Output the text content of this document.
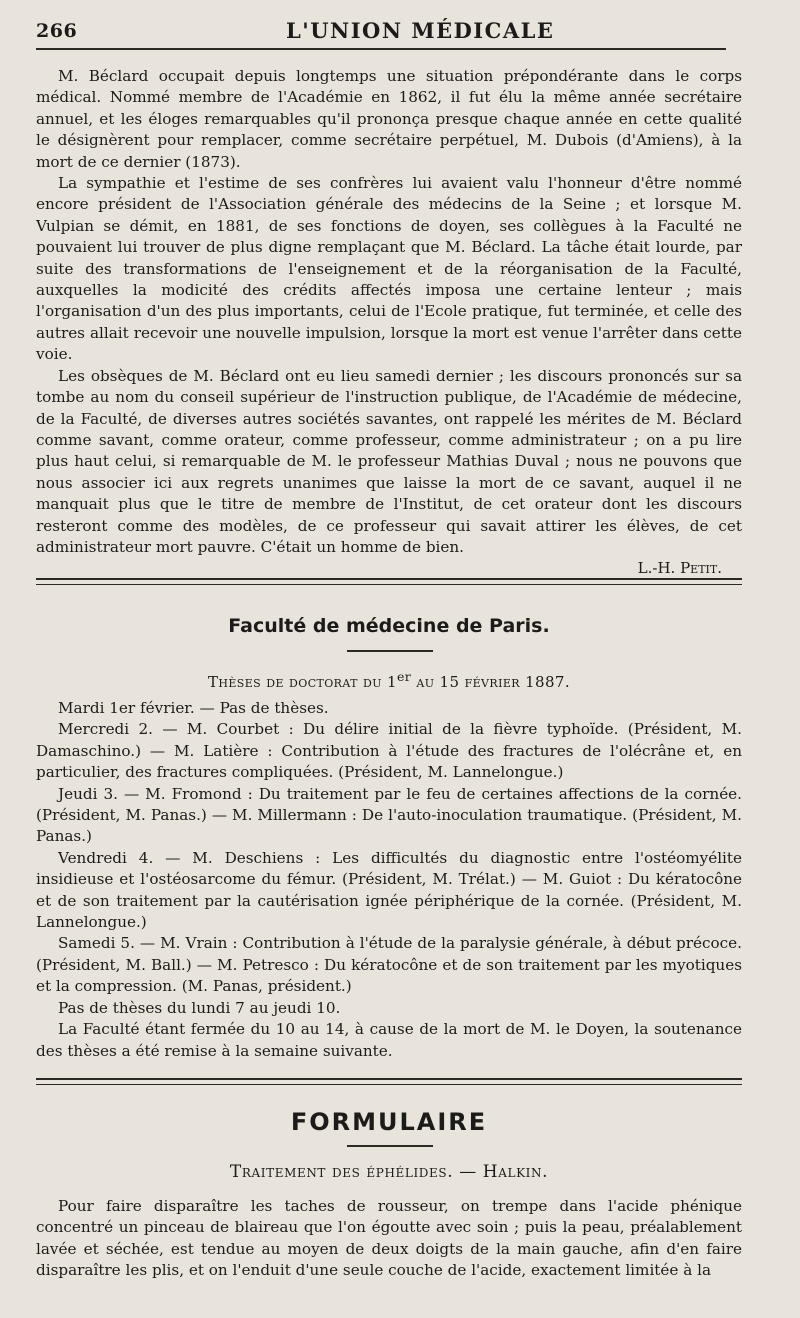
266	L'UNION MÉDICALE

M. Béclard occupait depuis longtemps une situation prépondérante dans le corps médical. Nommé membre de l'Académie en 1862, il fut élu la même année secrétaire annuel, et les éloges remarquables qu'il prononça presque chaque année en cette qualité le désignèrent pour remplacer, comme secrétaire perpétuel, M. Dubois (d'Amiens), à la mort de ce dernier (1873).

La sympathie et l'estime de ses confrères lui avaient valu l'honneur d'être nommé encore président de l'Association générale des médecins de la Seine ; et lorsque M. Vulpian se démit, en 1881, de ses fonctions de doyen, ses collègues à la Faculté ne pouvaient lui trouver de plus digne remplaçant que M. Béclard. La tâche était lourde, par suite des transformations de l'enseignement et de la réorganisation de la Faculté, auxquelles la modicité des crédits affectés imposa une certaine lenteur ; mais l'organisation d'un des plus importants, celui de l'Ecole pratique, fut terminée, et celle des autres allait recevoir une nouvelle impulsion, lorsque la mort est venue l'arrêter dans cette voie.

Les obsèques de M. Béclard ont eu lieu samedi dernier ; les discours prononcés sur sa tombe au nom du conseil supérieur de l'instruction publique, de l'Académie de médecine, de la Faculté, de diverses autres sociétés savantes, ont rappelé les mérites de M. Béclard comme savant, comme orateur, comme professeur, comme administrateur ; on a pu lire plus haut celui, si remarquable de M. le professeur Mathias Duval ; nous ne pouvons que nous associer ici aux regrets unanimes que laisse la mort de ce savant, auquel il ne manquait plus que le titre de membre de l'Institut, de cet orateur dont les discours resteront comme des modèles, de ce professeur qui savait attirer les élèves, de cet administrateur mort pauvre. C'était un homme de bien.

L.-H. Petit.
Faculté de médecine de Paris.
Thèses de doctorat du 1er au 15 février 1887.

Mardi 1er février. — Pas de thèses.

Mercredi 2. — M. Courbet : Du délire initial de la fièvre typhoïde. (Président, M. Damaschino.) — M. Latière : Contribution à l'étude des fractures de l'olécrâne et, en particulier, des fractures compliquées. (Président, M. Lannelongue.)

Jeudi 3. — M. Fromond : Du traitement par le feu de certaines affections de la cornée. (Président, M. Panas.) — M. Millermann : De l'auto-inoculation traumatique. (Président, M. Panas.)

Vendredi 4. — M. Deschiens : Les difficultés du diagnostic entre l'ostéomyélite insidieuse et l'ostéosarcome du fémur. (Président, M. Trélat.) — M. Guiot : Du kératocône et de son traitement par la cautérisation ignée périphérique de la cornée. (Président, M. Lannelongue.)

Samedi 5. — M. Vrain : Contribution à l'étude de la paralysie générale, à début précoce. (Président, M. Ball.) — M. Petresco : Du kératocône et de son traitement par les myotiques et la compression. (M. Panas, président.)

Pas de thèses du lundi 7 au jeudi 10.

La Faculté étant fermée du 10 au 14, à cause de la mort de M. le Doyen, la soutenance des thèses a été remise à la semaine suivante.

FORMULAIRE
Traitement des éphélides. — Halkin.

Pour faire disparaître les taches de rousseur, on trempe dans l'acide phénique concentré un pinceau de blaireau que l'on égoutte avec soin ; puis la peau, préalablement lavée et séchée, est tendue au moyen de deux doigts de la main gauche, afin d'en faire disparaître les plis, et on l'enduit d'une seule couche de l'acide, exactement limitée à la
